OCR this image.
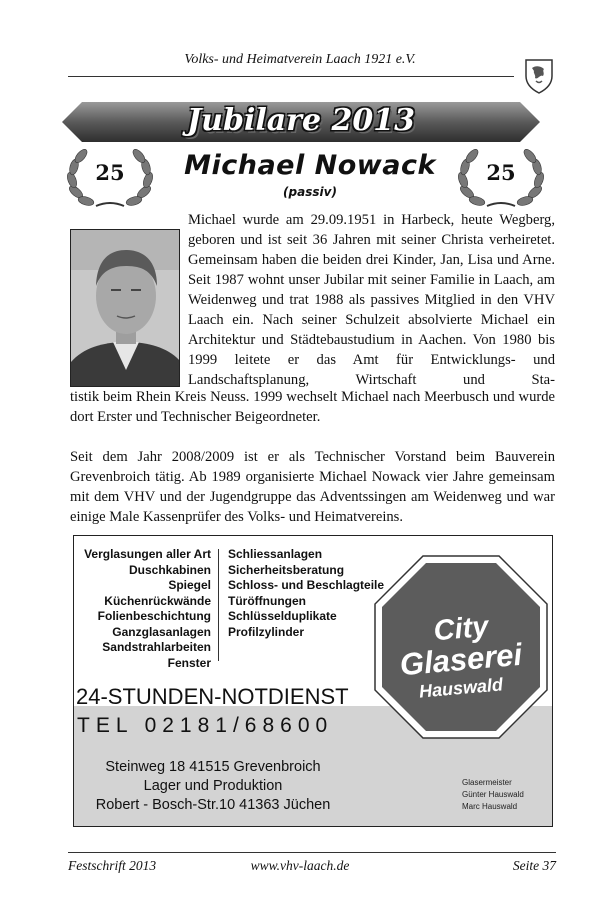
Volks- und Heimatverein Laach 1921 e.V.
Jubilare 2013
25	25
Michael Nowack
(passiv)
Michael wurde am 29.09.1951 in Harbeck, heute Wegberg, geboren und ist seit 36 Jahren mit seiner Christa verheiretet. Gemeinsam haben die beiden drei Kinder, Jan, Lisa und Arne. Seit 1987 wohnt unser Jubilar mit seiner Familie in Laach, am Weidenweg und trat 1988 als passives Mitglied in den VHV Laach ein. Nach seiner Schulzeit absolvierte Michael ein Architektur und Städtebaustudium in Aachen. Von 1980 bis 1999 leitete er das Amt für Entwicklungs- und Landschaftsplanung, Wirtschaft und Sta-
tistik beim Rhein Kreis Neuss. 1999 wechselt Michael nach Meerbusch und wurde dort Erster und Technischer Beigeordneter.
Seit dem Jahr 2008/2009 ist er als Technischer Vorstand beim Bauverein Grevenbroich tätig. Ab 1989 organisierte Michael Nowack vier Jahre gemeinsam mit dem VHV und der Jugendgruppe das Adventssingen am Weidenweg und war einige Male Kassenprüfer des Volks- und Heimatvereins.
Verglasungen aller Art
Duschkabinen
Spiegel
Küchenrückwände
Folienbeschichtung
Ganzglasanlagen
Sandstrahlarbeiten
Fenster
Schliessanlagen
Sicherheitsberatung
Schloss- und Beschlagteile
Türöffnungen
Schlüsselduplikate
Profilzylinder	City
Glaserei
Hauswald
24-STUNDEN-NOTDIENST
TEL 02181/68600
Steinweg 18 41515 Grevenbroich
Lager und Produktion
Robert - Bosch-Str.10 41363 Jüchen
Glasermeister
Günter Hauswald
Marc Hauswald
Festschrift 2013	www.vhv-laach.de	Seite 37
